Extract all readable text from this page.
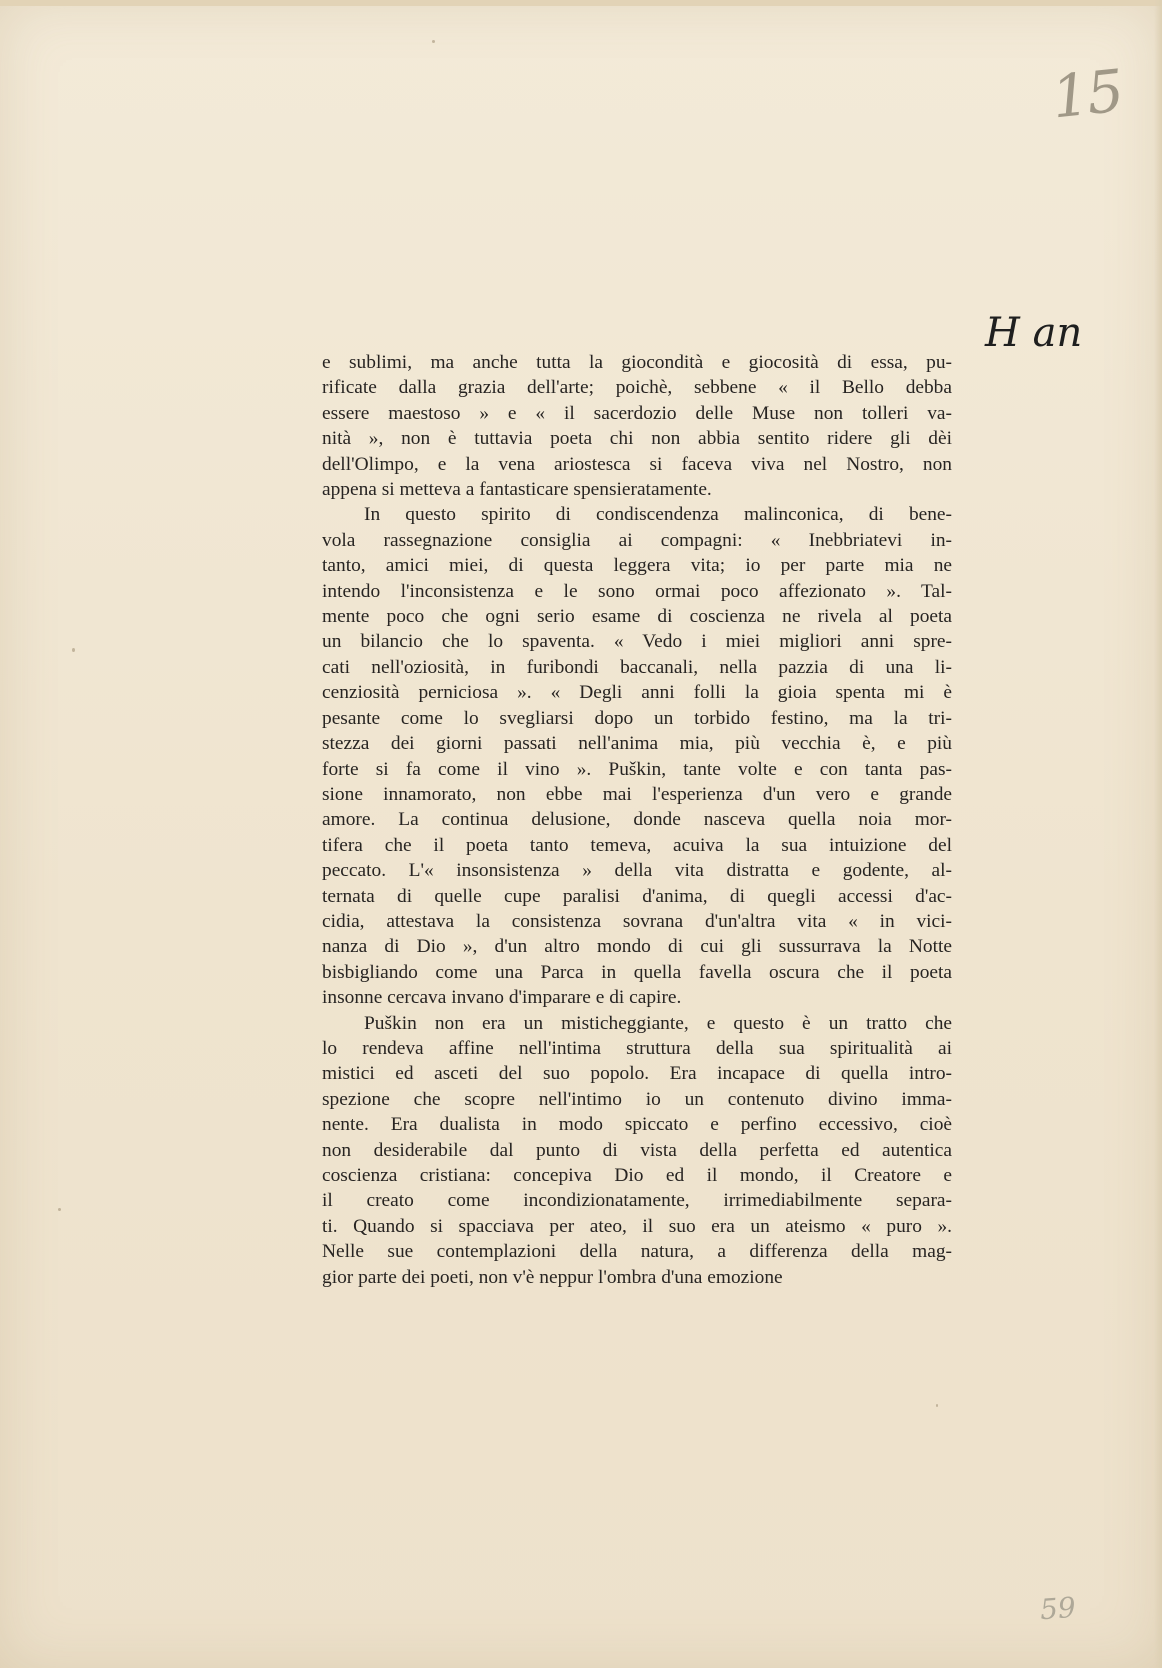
15
H an

e sublimi, ma anche tutta la giocondità e giocosità di essa, pu-
rificate dalla grazia dell'arte; poichè, sebbene « il Bello debba
essere maestoso » e « il sacerdozio delle Muse non tolleri va-
nità », non è tuttavia poeta chi non abbia sentito ridere gli dèi
dell'Olimpo, e la vena ariostesca si faceva viva nel Nostro, non
appena si metteva a fantasticare spensieratamente.

In questo spirito di condiscendenza malinconica, di bene-
vola rassegnazione consiglia ai compagni: « Inebbriatevi in-
tanto, amici miei, di questa leggera vita; io per parte mia ne
intendo l'inconsistenza e le sono ormai poco affezionato ». Tal-
mente poco che ogni serio esame di coscienza ne rivela al poeta
un bilancio che lo spaventa. « Vedo i miei migliori anni spre-
cati nell'oziosità, in furibondi baccanali, nella pazzia di una li-
cenziosità perniciosa ». « Degli anni folli la gioia spenta mi è
pesante come lo svegliarsi dopo un torbido festino, ma la tri-
stezza dei giorni passati nell'anima mia, più vecchia è, e più
forte si fa come il vino ». Puškin, tante volte e con tanta pas-
sione innamorato, non ebbe mai l'esperienza d'un vero e grande
amore. La continua delusione, donde nasceva quella noia mor-
tifera che il poeta tanto temeva, acuiva la sua intuizione del
peccato. L'« insonsistenza » della vita distratta e godente, al-
ternata di quelle cupe paralisi d'anima, di quegli accessi d'ac-
cidia, attestava la consistenza sovrana d'un'altra vita « in vici-
nanza di Dio », d'un altro mondo di cui gli sussurrava la Notte
bisbigliando come una Parca in quella favella oscura che il poeta
insonne cercava invano d'imparare e di capire.

Puškin non era un misticheggiante, e questo è un tratto che
lo rendeva affine nell'intima struttura della sua spiritualità ai
mistici ed asceti del suo popolo. Era incapace di quella intro-
spezione che scopre nell'intimo io un contenuto divino imma-
nente. Era dualista in modo spiccato e perfino eccessivo, cioè
non desiderabile dal punto di vista della perfetta ed autentica
coscienza cristiana: concepiva Dio ed il mondo, il Creatore e
il creato come incondizionatamente, irrimediabilmente separa-
ti. Quando si spacciava per ateo, il suo era un ateismo « puro ».
Nelle sue contemplazioni della natura, a differenza della mag-
gior parte dei poeti, non v'è neppur l'ombra d'una emozione

59
